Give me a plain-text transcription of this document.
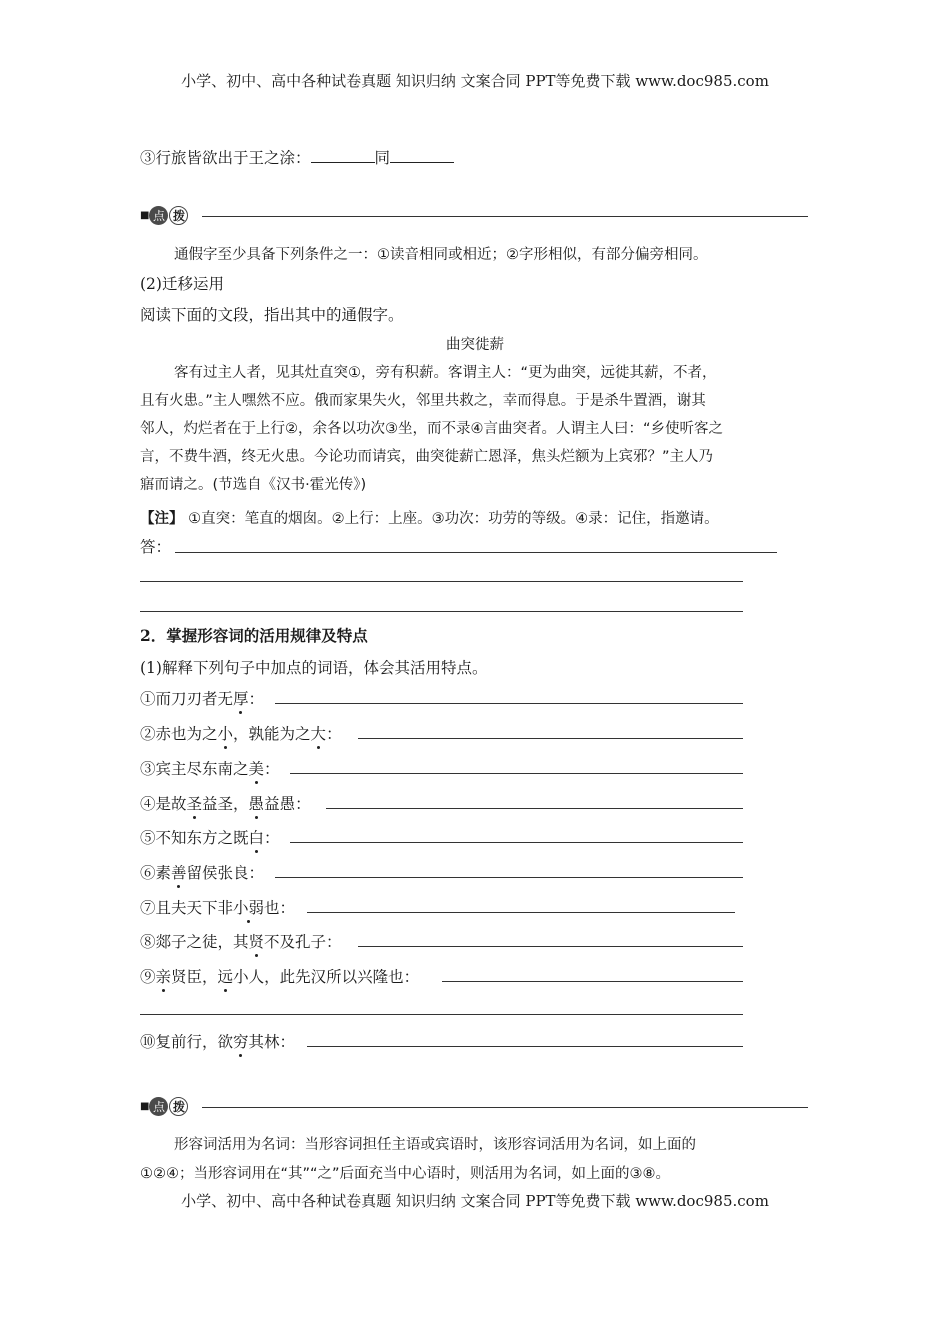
小学、初中、高中各种试卷真题 知识归纳 文案合同 PPT等免费下载 www.doc985.com
③行旅皆欲出于王之涂：	同
■ 点 拨
通假字至少具备下列条件之一：①读音相同或相近；②字形相似，有部分偏旁相同。
(2)迁移运用
阅读下面的文段，指出其中的通假字。
曲突徙薪
客有过主人者，见其灶直突①，旁有积薪。客谓主人：“更为曲突，远徙其薪，不者，
且有火患。”主人嘿然不应。俄而家果失火，邻里共救之，幸而得息。于是杀牛置酒，谢其
邻人，灼烂者在于上行②，余各以功次③坐，而不录④言曲突者。人谓主人曰：“乡使听客之
言，不费牛酒，终无火患。今论功而请宾，曲突徙薪亡恩泽，焦头烂额为上宾邪？”主人乃
寤而请之。(节选自《汉书·霍光传》)
【注】 ①直突：笔直的烟囱。②上行：上座。③功次：功劳的等级。④录：记住，指邀请。
答：
2．掌握形容词的活用规律及特点
(1)解释下列句子中加点的词语，体会其活用特点。
①而刀刃者无厚：
②赤也为之小，孰能为之大：
③宾主尽东南之美：
④是故圣益圣，愚益愚：
⑤不知东方之既白：
⑥素善留侯张良：
⑦且夫天下非小弱也：
⑧郯子之徒，其贤不及孔子：
⑨亲贤臣，远小人，此先汉所以兴隆也：
⑩复前行，欲穷其林：
■ 点 拨
形容词活用为名词：当形容词担任主语或宾语时，该形容词活用为名词，如上面的
①②④；当形容词用在“其”“之”后面充当中心语时，则活用为名词，如上面的③⑧。
小学、初中、高中各种试卷真题 知识归纳 文案合同 PPT等免费下载 www.doc985.com
